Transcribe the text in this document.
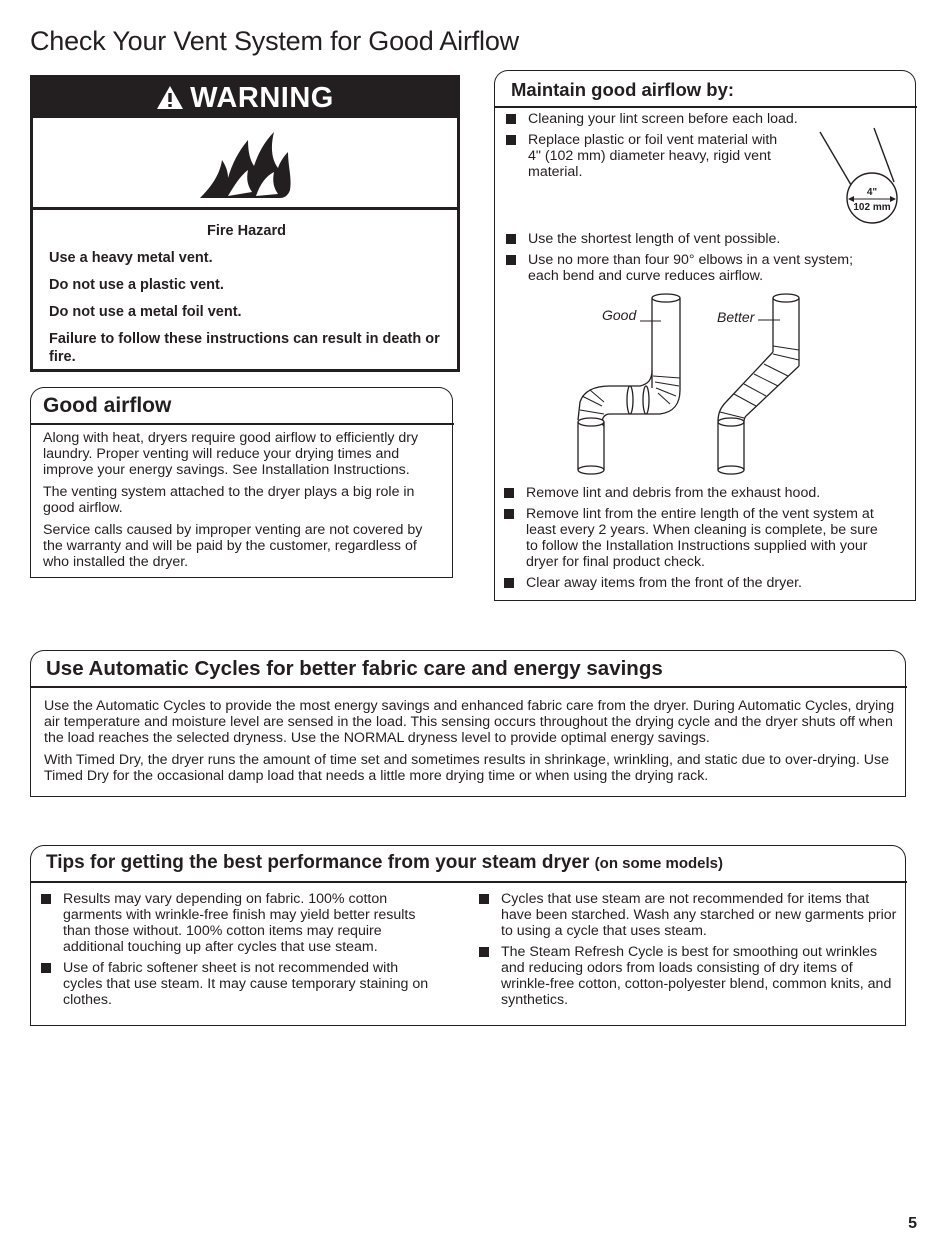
Check Your Vent System for Good Airflow
WARNING

Fire Hazard

Use a heavy metal vent.

Do not use a plastic vent.

Do not use a metal foil vent.

Failure to follow these instructions can result in death or fire.

Good airflow

Along with heat, dryers require good airflow to efficiently dry laundry. Proper venting will reduce your drying times and improve your energy savings. See Installation Instructions.

The venting system attached to the dryer plays a big role in good airflow.

Service calls caused by improper venting are not covered by the warranty and will be paid by the customer, regardless of who installed the dryer.

Maintain good airflow by:
Cleaning your lint screen before each load.
Replace plastic or foil vent material with 4" (102 mm) diameter heavy, rigid vent material.
4"
102 mm
Use the shortest length of vent possible.
Use no more than four 90° elbows in a vent system; each bend and curve reduces airflow.
Good	Better
Remove lint and debris from the exhaust hood.
Remove lint from the entire length of the vent system at least every 2 years. When cleaning is complete, be sure to follow the Installation Instructions supplied with your dryer for final product check.
Clear away items from the front of the dryer.
Use Automatic Cycles for better fabric care and energy savings

Use the Automatic Cycles to provide the most energy savings and enhanced fabric care from the dryer. During Automatic Cycles, drying air temperature and moisture level are sensed in the load. This sensing occurs throughout the drying cycle and the dryer shuts off when the load reaches the selected dryness. Use the NORMAL dryness level to provide optimal energy savings.

With Timed Dry, the dryer runs the amount of time set and sometimes results in shrinkage, wrinkling, and static due to over-drying. Use Timed Dry for the occasional damp load that needs a little more drying time or when using the drying rack.

Tips for getting the best performance from your steam dryer (on some models)
Results may vary depending on fabric. 100% cotton garments with wrinkle-free finish may yield better results than those without. 100% cotton items may require additional touching up after cycles that use steam.
Use of fabric softener sheet is not recommended with cycles that use steam. It may cause temporary staining on clothes.
Cycles that use steam are not recommended for items that have been starched. Wash any starched or new garments prior to using a cycle that uses steam.
The Steam Refresh Cycle is best for smoothing out wrinkles and reducing odors from loads consisting of dry items of wrinkle-free cotton, cotton-polyester blend, common knits, and synthetics.
5
